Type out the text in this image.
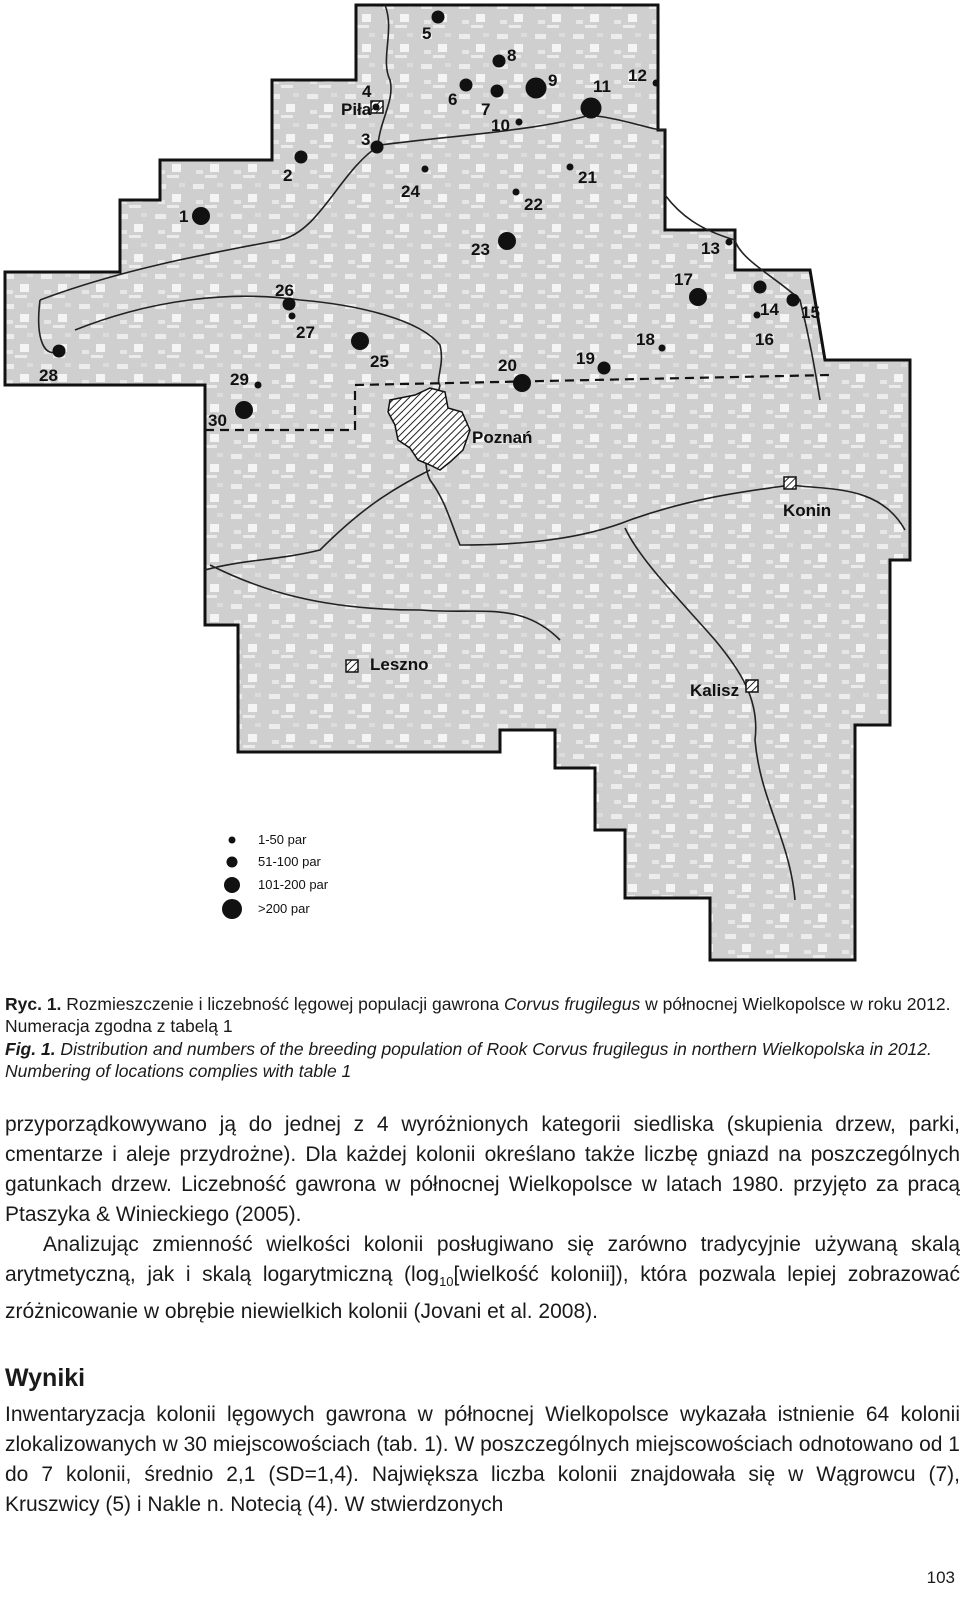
Piła
Poznań
Konin
Leszno
Kalisz
1
2
3
4
5
6
7
8
9
10
11
12
13
14 15
16
17
18
19
20
21
22
23
24
25
26
27
28	29
30
1-50 par
51-100 par
101-200 par
>200 par
Ryc. 1. Rozmieszczenie i liczebność lęgowej populacji gawrona Corvus frugilegus w północnej Wielkopolsce w roku 2012. Numeracja zgodna z tabelą 1
Fig. 1. Distribution and numbers of the breeding population of Rook Corvus frugilegus in northern Wielkopolska in 2012. Numbering of locations complies with table 1
przyporządkowywano ją do jednej z 4 wyróżnionych kategorii siedliska (skupienia drzew, parki, cmentarze i aleje przydrożne). Dla każdej kolonii określano także liczbę gniazd na poszczególnych gatunkach drzew. Liczebność gawrona w północnej Wielkopolsce w latach 1980. przyjęto za pracą Ptaszyka & Winieckiego (2005).
Analizując zmienność wielkości kolonii posługiwano się zarówno tradycyjnie używaną skalą arytmetyczną, jak i skalą logarytmiczną ($\log_{10}[wielkość$ kolonii]), która pozwala lepiej zobrazować zróżnicowanie w obrębie niewielkich kolonii (Jovani et al. 2008).
Wyniki
Inwentaryzacja kolonii lęgowych gawrona w północnej Wielkopolsce wykazała istnienie 64 kolonii zlokalizowanych w 30 miejscowościach (tab. 1). W poszczególnych miejscowościach odnotowano od 1 do 7 kolonii, średnio 2,1 (SD=1,4). Największa liczba kolonii znajdowała się w Wągrowcu (7), Kruszwicy (5) i Nakle n. Notecią (4). W stwierdzonych
103
